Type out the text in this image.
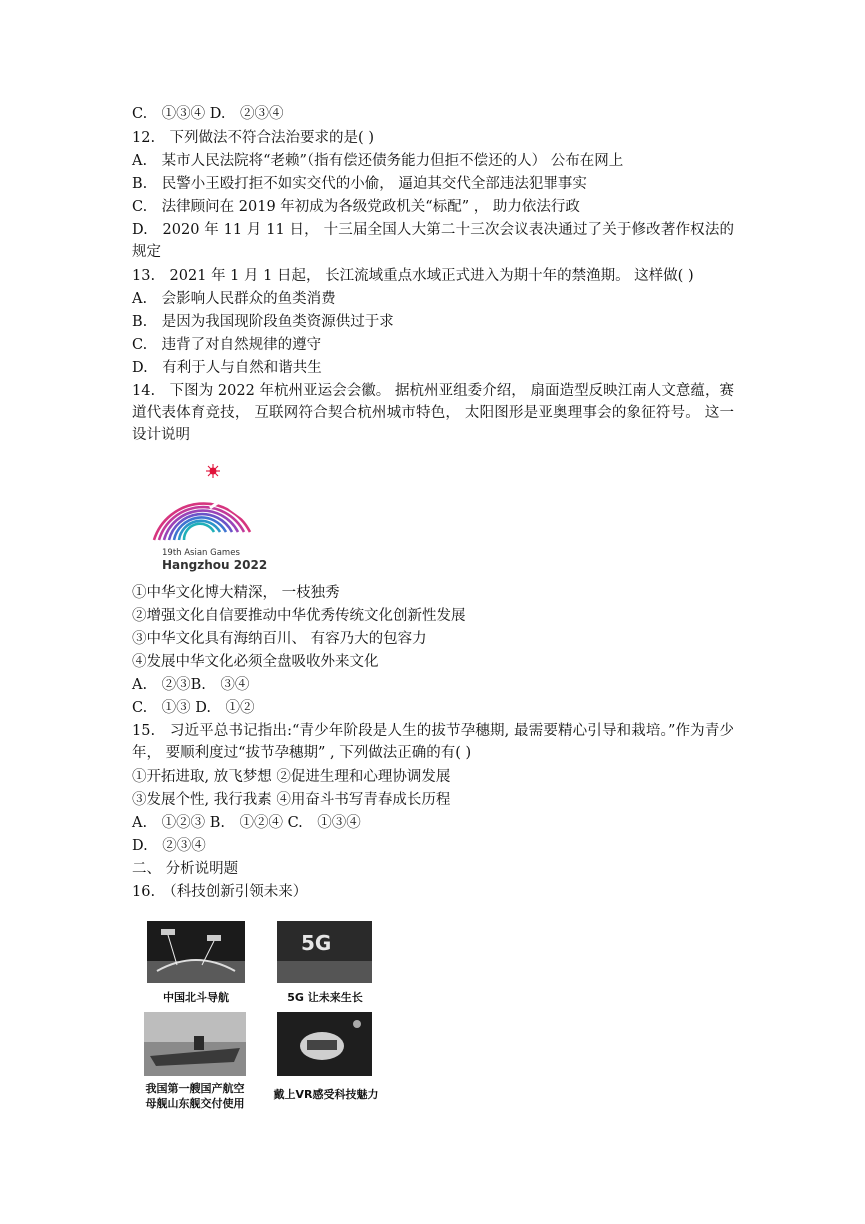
C.　①③④ D.　②③④
12.　下列做法不符合法治要求的是( )
A.　某市人民法院将“老赖”（指有偿还债务能力但拒不偿还的人） 公布在网上
B.　民警小王殴打拒不如实交代的小偷， 逼迫其交代全部违法犯罪事实
C.　法律顾问在 2019 年初成为各级党政机关“标配” ， 助力依法行政
D.　2020 年 11 月 11 日， 十三届全国人大第二十三次会议表决通过了关于修改著作权法的规定
13.　2021 年 1 月 1 日起， 长江流域重点水域正式进入为期十年的禁渔期。 这样做( )
A.　会影响人民群众的鱼类消费
B.　是因为我国现阶段鱼类资源供过于求
C.　违背了对自然规律的遵守
D.　有利于人与自然和谐共生
14.　下图为 2022 年杭州亚运会会徽。 据杭州亚组委介绍， 扇面造型反映江南人文意蕴，赛道代表体育竞技， 互联网符合契合杭州城市特色， 太阳图形是亚奥理事会的象征符号。 这一设计说明
19th Asian Games
Hangzhou 2022
①中华文化博大精深， 一枝独秀
②增强文化自信要推动中华优秀传统文化创新性发展
③中华文化具有海纳百川、 有容乃大的包容力
④发展中华文化必须全盘吸收外来文化
A.　②③B.　③④
C.　①③ D.　①②
15.　习近平总书记指出:“青少年阶段是人生的拔节孕穗期, 最需要精心引导和栽培。”作为青少年， 要顺利度过“拔节孕穗期” , 下列做法正确的有( )
①开拓进取, 放飞梦想 ②促进生理和心理协调发展
③发展个性, 我行我素 ④用奋斗书写青春成长历程
A.　①②③ B.　①②④ C.　①③④
D.　②③④
二、 分析说明题
16.　（科技创新引领未来）
中国北斗导航
5G
5G 让未来生长
我国第一艘国产航空
母舰山东舰交付使用
戴上VR感受科技魅力
